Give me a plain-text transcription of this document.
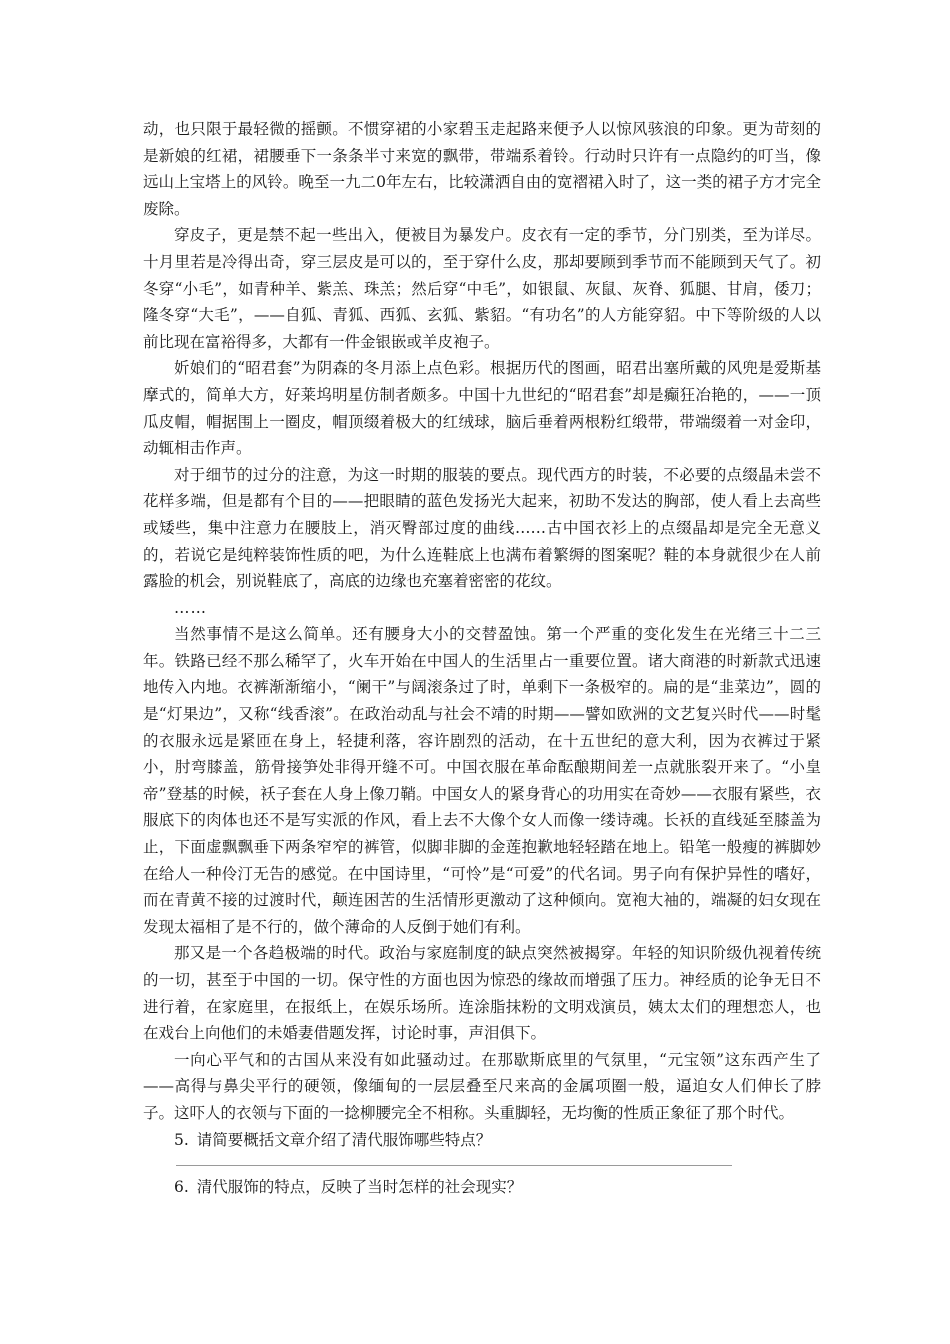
动，也只限于最轻微的摇颤。不惯穿裙的小家碧玉走起路来便予人以惊风骇浪的印象。更为苛刻的是新娘的红裙，裙腰垂下一条条半寸来宽的飘带，带端系着铃。行动时只许有一点隐约的叮当，像远山上宝塔上的风铃。晚至一九二0年左右，比较潇洒自由的宽褶裙入时了，这一类的裙子方才完全废除。

穿皮子，更是禁不起一些出入，便被目为暴发户。皮衣有一定的季节，分门别类，至为详尽。十月里若是冷得出奇，穿三层皮是可以的，至于穿什么皮，那却要顾到季节而不能顾到天气了。初冬穿“小毛”，如青种羊、紫羔、珠羔；然后穿“中毛”，如银鼠、灰鼠、灰脊、狐腿、甘肩，倭刀；隆冬穿“大毛”，——自狐、青狐、西狐、玄狐、紫貂。“有功名”的人方能穿貂。中下等阶级的人以前比现在富裕得多，大都有一件金银嵌或羊皮袍子。

妡娘们的“昭君套”为阴森的冬月添上点色彩。根据历代的图画，昭君出塞所戴的风兜是爱斯基摩式的，简单大方，好莱坞明星仿制者颇多。中国十九世纪的“昭君套”却是癫狂冶艳的，——一顶瓜皮帽，帽据围上一圈皮，帽顶缀着极大的红绒球，脑后垂着两根粉红缎带，带端缀着一对金印，动辄相击作声。

对于细节的过分的注意，为这一时期的服装的要点。现代西方的时装，不必要的点缀晶未尝不花样多端，但是都有个目的——把眼睛的蓝色发扬光大起来，初助不发达的胸部，使人看上去高些或矮些，集中注意力在腰肢上，消灭臀部过度的曲线……古中国衣衫上的点缀晶却是完全无意义的，若说它是纯粹装饰性质的吧，为什么连鞋底上也满布着繁缛的图案呢？鞋的本身就很少在人前露脸的机会，别说鞋底了，高底的边缘也充塞着密密的花纹。

……

当然事情不是这么简单。还有腰身大小的交替盈蚀。第一个严重的变化发生在光绪三十二三年。铁路已经不那么稀罕了，火车开始在中国人的生活里占一重要位置。诸大商港的时新款式迅速地传入内地。衣裤渐渐缩小，“阑干”与阔滚条过了时，单剩下一条极窄的。扁的是“韭菜边”，圆的是“灯果边”，又称“线香滚”。在政治动乱与社会不靖的时期——譬如欧洲的文艺复兴时代——时髦的衣服永远是紧匝在身上，轻捷利落，容许剧烈的活动，在十五世纪的意大利，因为衣裤过于紧小，肘弯膝盖，筋骨接笋处非得开缝不可。中国衣服在革命酝酿期间差一点就胀裂开来了。“小皇帝”登基的时候，袄子套在人身上像刀鞘。中国女人的紧身背心的功用实在奇妙——衣服有紧些，衣服底下的肉体也还不是写实派的作风，看上去不大像个女人而像一缕诗魂。长袄的直线延至膝盖为止，下面虚飘飘垂下两条窄窄的裤管，似脚非脚的金莲抱歉地轻轻踏在地上。铅笔一般瘦的裤脚妙在给人一种伶汀无告的感觉。在中国诗里，“可怜”是“可爱”的代名词。男子向有保护异性的嗜好，而在青黄不接的过渡时代，颠连困苦的生活情形更激动了这种倾向。宽袍大袖的，端凝的妇女现在发现太福相了是不行的，做个薄命的人反倒于她们有利。

那又是一个各趋极端的时代。政治与家庭制度的缺点突然被揭穿。年轻的知识阶级仇视着传统的一切，甚至于中国的一切。保守性的方面也因为惊恐的缘故而增强了压力。神经质的论争无日不进行着，在家庭里，在报纸上，在娱乐场所。连涂脂抹粉的文明戏演员，姨太太们的理想恋人，也在戏台上向他们的未婚妻借题发挥，讨论时事，声泪俱下。

一向心平气和的古国从来没有如此骚动过。在那歇斯底里的气氛里，“元宝领”这东西产生了——高得与鼻尖平行的硬领，像缅甸的一层层叠至尺来高的金属项圈一般，逼迫女人们伸长了脖子。这吓人的衣领与下面的一捻柳腰完全不相称。头重脚轻，无均衡的性质正象征了那个时代。

5. 请简要概括文章介绍了清代服饰哪些特点？

6. 清代服饰的特点，反映了当时怎样的社会现实？
